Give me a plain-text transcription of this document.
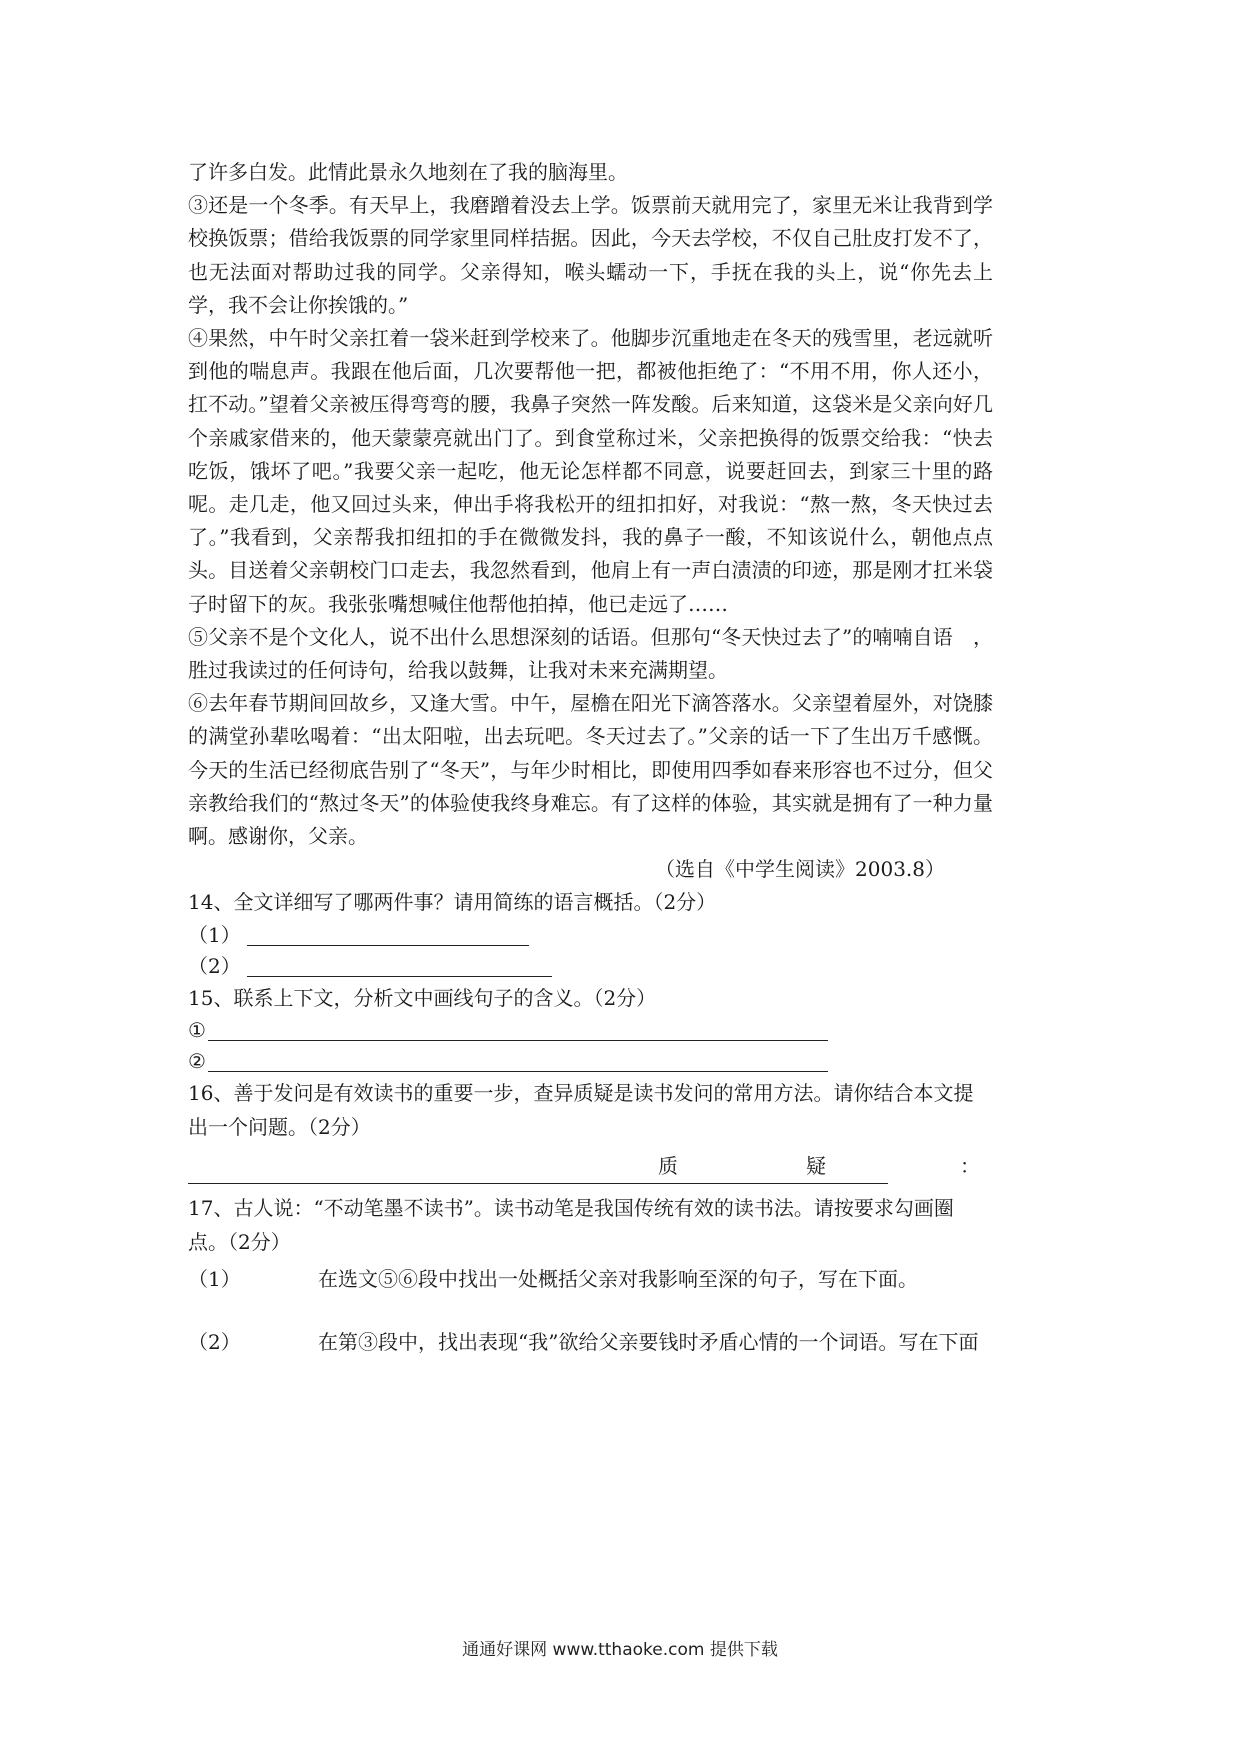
了许多白发。此情此景永久地刻在了我的脑海里。

③还是一个冬季。有天早上，我磨蹭着没去上学。饭票前天就用完了，家里无米让我背到学校换饭票；借给我饭票的同学家里同样拮据。因此，今天去学校，不仅自己肚皮打发不了，也无法面对帮助过我的同学。父亲得知，喉头蠕动一下，手抚在我的头上，说“你先去上学，我不会让你挨饿的。”

④果然，中午时父亲扛着一袋米赶到学校来了。他脚步沉重地走在冬天的残雪里，老远就听到他的喘息声。我跟在他后面，几次要帮他一把，都被他拒绝了：“不用不用，你人还小，扛不动。”望着父亲被压得弯弯的腰，我鼻子突然一阵发酸。后来知道，这袋米是父亲向好几个亲戚家借来的，他天蒙蒙亮就出门了。到食堂称过米，父亲把换得的饭票交给我：“快去吃饭，饿坏了吧。”我要父亲一起吃，他无论怎样都不同意，说要赶回去，到家三十里的路呢。走几走，他又回过头来，伸出手将我松开的纽扣扣好，对我说：“熬一熬，冬天快过去了。”我看到，父亲帮我扣纽扣的手在微微发抖，我的鼻子一酸，不知该说什么，朝他点点头。目送着父亲朝校门口走去，我忽然看到，他肩上有一声白渍渍的印迹，那是刚才扛米袋子时留下的灰。我张张嘴想喊住他帮他拍掉，他已走远了……

⑤父亲不是个文化人，说不出什么思想深刻的话语。但那句“冬天快过去了”的喃喃自语　，胜过我读过的任何诗句，给我以鼓舞，让我对未来充满期望。

⑥去年春节期间回故乡，又逢大雪。中午，屋檐在阳光下滴答落水。父亲望着屋外，对饶膝的满堂孙辈吆喝着：“出太阳啦，出去玩吧。冬天过去了。”父亲的话一下了生出万千感慨。今天的生活已经彻底告别了“冬天”，与年少时相比，即使用四季如春来形容也不过分，但父亲教给我们的“熬过冬天”的体验使我终身难忘。有了这样的体验，其实就是拥有了一种力量啊。感谢你，父亲。

（选自《中学生阅读》2003.8）

14、全文详细写了哪两件事？请用简练的语言概括。（2分）

（1）
（2）

15、联系上下文，分析文中画线句子的含义。（2分）

①
②

16、善于发问是有效读书的重要一步，查异质疑是读书发问的常用方法。请你结合本文提出一个问题。（2分）

质	疑	：

17、古人说：“不动笔墨不读书”。读书动笔是我国传统有效的读书法。请按要求勾画圈点。（2分）

（1）	在选文⑤⑥段中找出一处概括父亲对我影响至深的句子，写在下面。
（2）	在第③段中，找出表现“我”欲给父亲要钱时矛盾心情的一个词语。写在下面
通通好课网 www.tthaoke.com 提供下载
